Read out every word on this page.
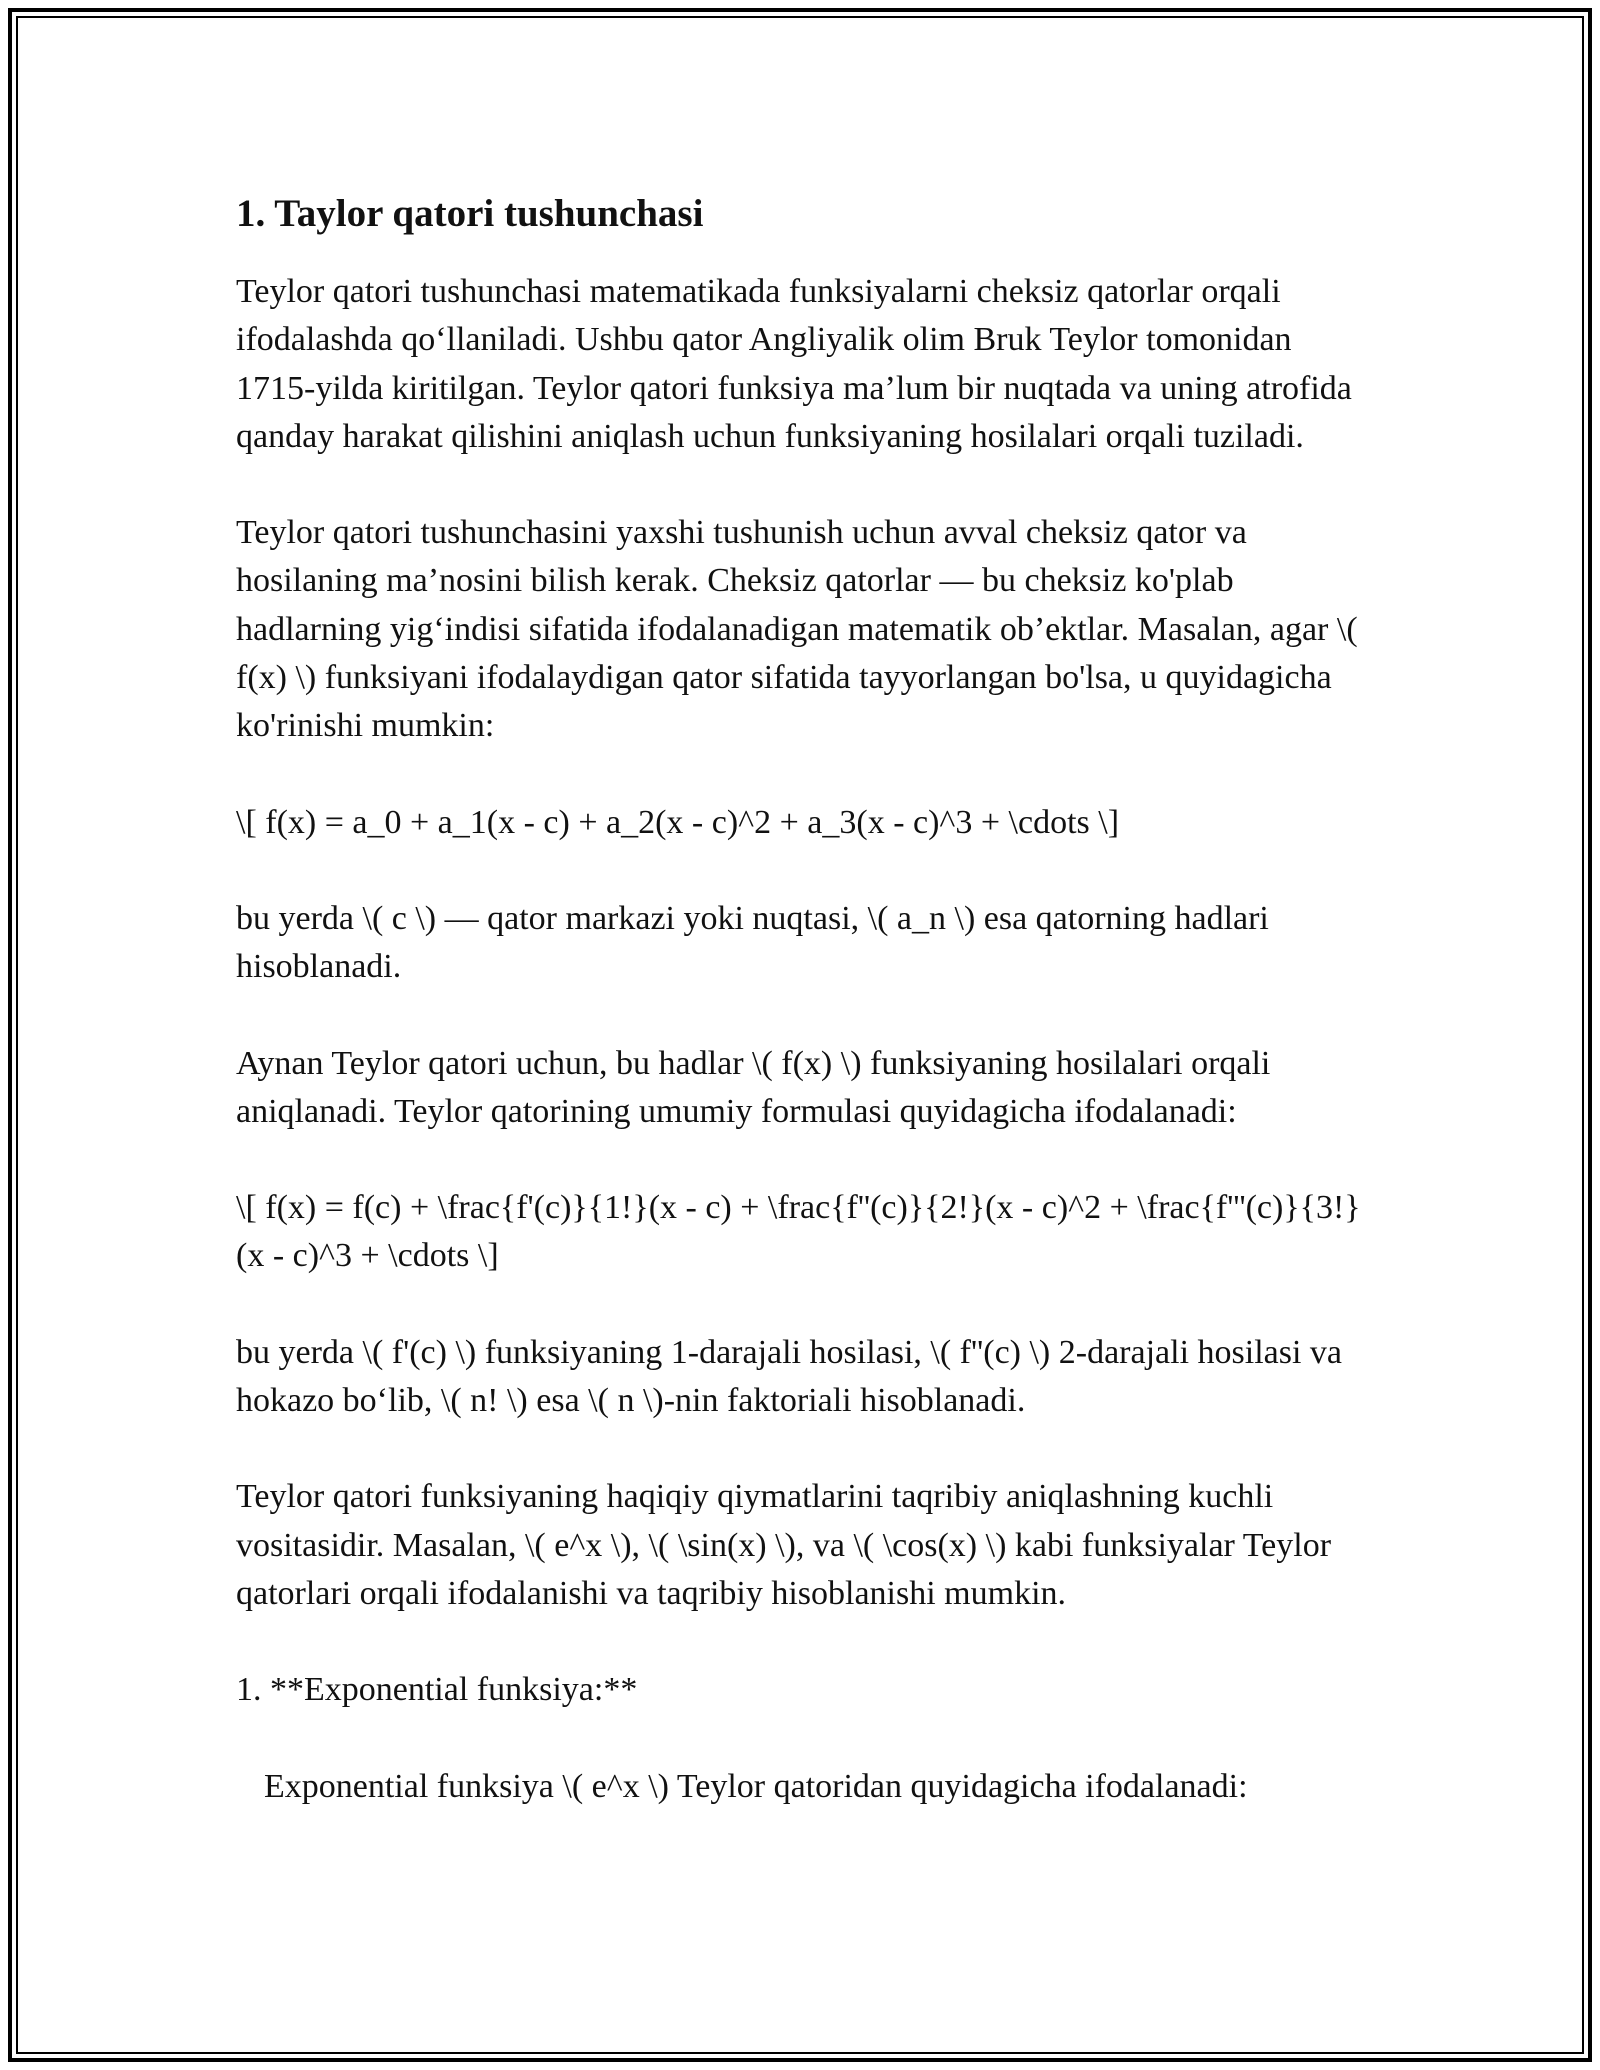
1. Taylor qatori tushunchasi

Teylor qatori tushunchasi matematikada funksiyalarni cheksiz qatorlar orqali ifodalashda qo‘llaniladi. Ushbu qator Angliyalik olim Bruk Teylor tomonidan 1715-yilda kiritilgan. Teylor qatori funksiya ma’lum bir nuqtada va uning atrofida qanday harakat qilishini aniqlash uchun funksiyaning hosilalari orqali tuziladi.

Teylor qatori tushunchasini yaxshi tushunish uchun avval cheksiz qator va hosilaning ma’nosini bilish kerak. Cheksiz qatorlar — bu cheksiz ko'plab hadlarning yig‘indisi sifatida ifodalanadigan matematik ob’ektlar. Masalan, agar \( f(x) \) funksiyani ifodalaydigan qator sifatida tayyorlangan bo'lsa, u quyidagicha ko'rinishi mumkin:

\[ f(x) = a_0 + a_1(x - c) + a_2(x - c)^2 + a_3(x - c)^3 + \cdots \]

bu yerda \( c \) — qator markazi yoki nuqtasi, \( a_n \) esa qatorning hadlari hisoblanadi.

Aynan Teylor qatori uchun, bu hadlar \( f(x) \) funksiyaning hosilalari orqali aniqlanadi. Teylor qatorining umumiy formulasi quyidagicha ifodalanadi:

\[ f(x) = f(c) + \frac{f'(c)}{1!}(x - c) + \frac{f''(c)}{2!}(x - c)^2 + \frac{f'''(c)}{3!}(x - c)^3 + \cdots \]

bu yerda \( f'(c) \) funksiyaning 1-darajali hosilasi, \( f''(c) \) 2-darajali hosilasi va hokazo bo‘lib, \( n! \) esa \( n \)-nin faktoriali hisoblanadi.

Teylor qatori funksiyaning haqiqiy qiymatlarini taqribiy aniqlashning kuchli vositasidir. Masalan, \( e^x \), \( \sin(x) \), va \( \cos(x) \) kabi funksiyalar Teylor qatorlari orqali ifodalanishi va taqribiy hisoblanishi mumkin.

1. **Exponential funksiya:**

Exponential funksiya \( e^x \) Teylor qatoridan quyidagicha ifodalanadi:
